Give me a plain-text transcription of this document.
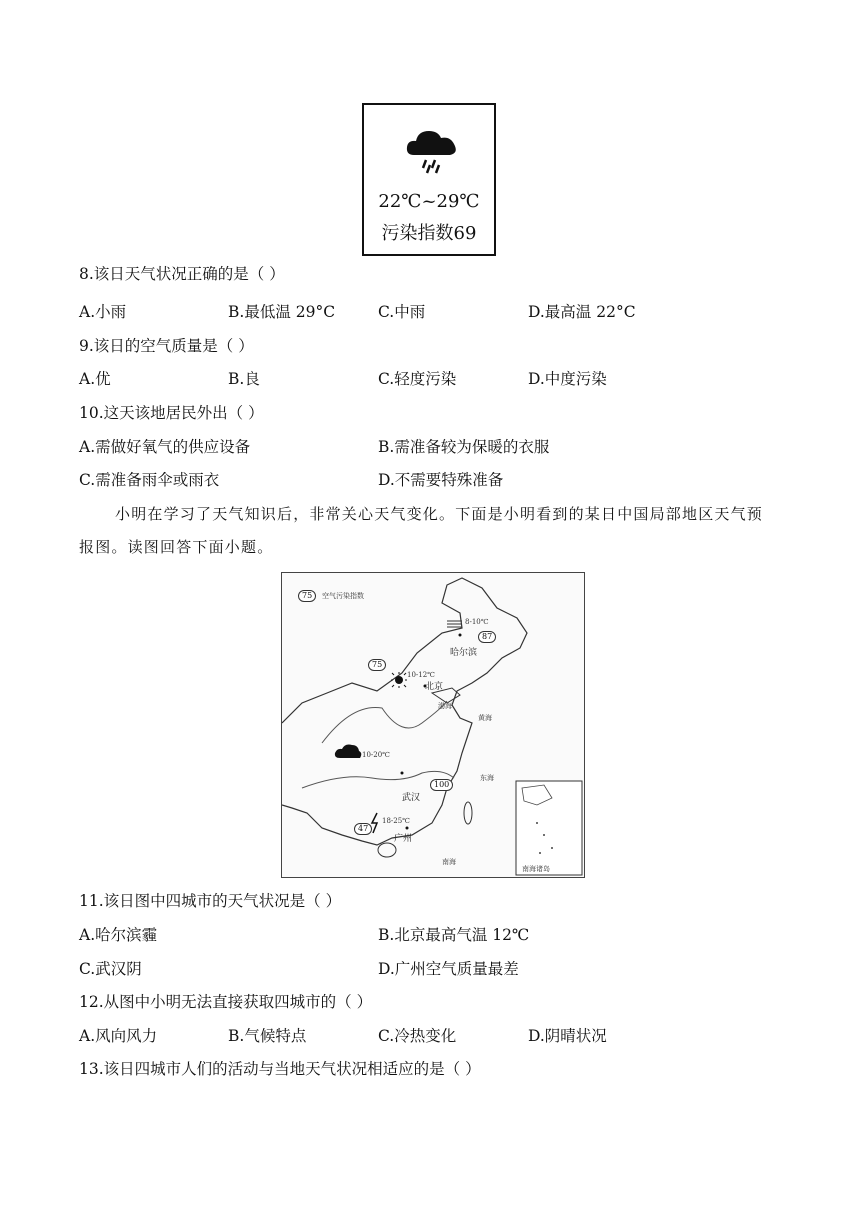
22℃~29℃
污染指数69
8.该日天气状况正确的是（ ）
A.小雨	B.最低温 29°C	C.中雨	D.最高温 22°C
9.该日的空气质量是（ ）
A.优	B.良	C.轻度污染	D.中度污染
10.这天该地居民外出（ ）
A.需做好氧气的供应设备	B.需准备较为保暖的衣服
C.需准备雨伞或雨衣	D.不需要特殊准备
小明在学习了天气知识后，非常关心天气变化。下面是小明看到的某日中国局部地区天气预报图。读图回答下面小题。
75	空气污染指数
8-10℃
87
哈尔滨
75
10-12℃
北京
渤海
黄海
东海
南海
10-20℃
100
武汉
18-25℃
47
广州
南海诸岛
11.该日图中四城市的天气状况是（ ）
A.哈尔滨霾	B.北京最高气温 12℃
C.武汉阴	D.广州空气质量最差
12.从图中小明无法直接获取四城市的（ ）
A.风向风力	B.气候特点	C.冷热变化	D.阴晴状况
13.该日四城市人们的活动与当地天气状况相适应的是（ ）
